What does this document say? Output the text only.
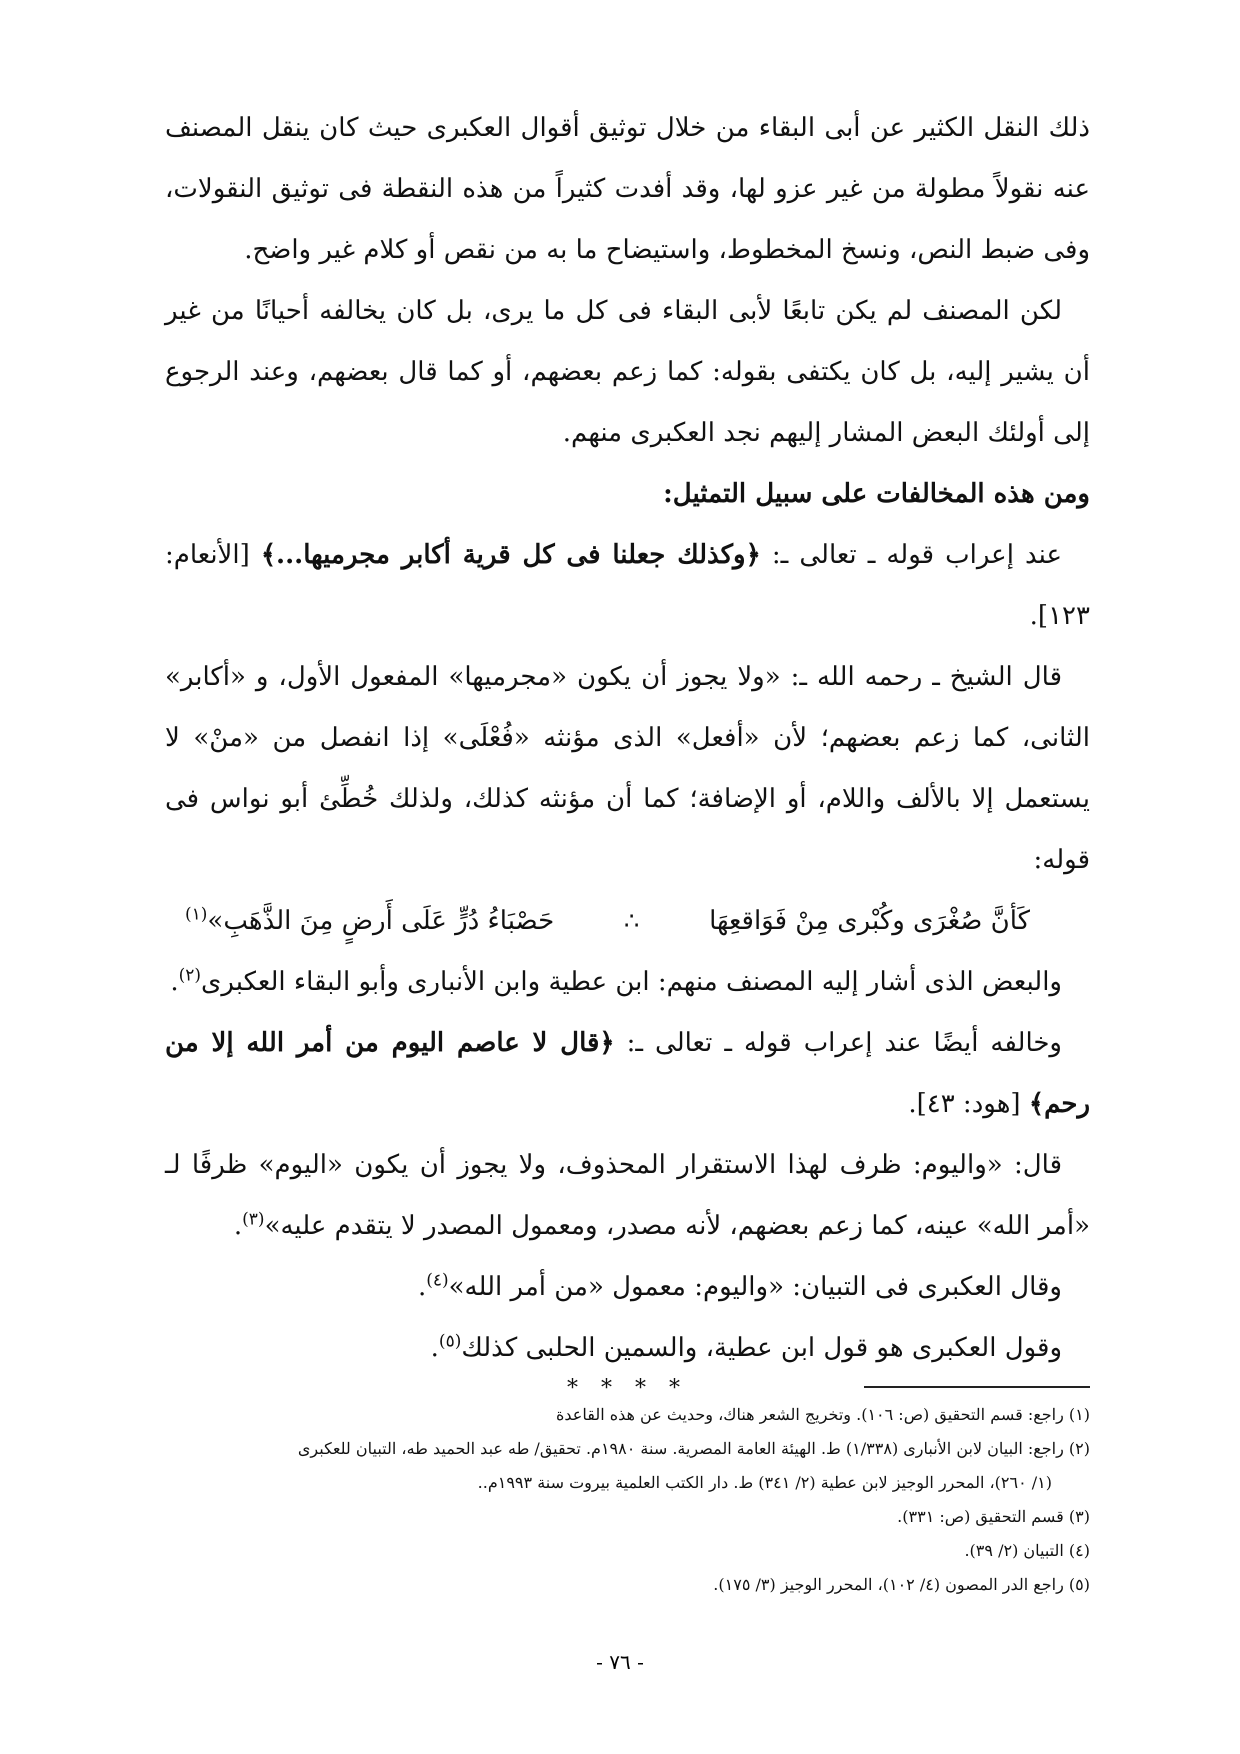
ذلك النقل الكثير عن أبى البقاء من خلال توثيق أقوال العكبرى حيث كان ينقل المصنف عنه نقولاً مطولة من غير عزو لها، وقد أفدت كثيراً من هذه النقطة فى توثيق النقولات، وفى ضبط النص، ونسخ المخطوط، واستيضاح ما به من نقص أو كلام غير واضح.

لكن المصنف لم يكن تابعًا لأبى البقاء فى كل ما يرى، بل كان يخالفه أحيانًا من غير أن يشير إليه، بل كان يكتفى بقوله: كما زعم بعضهم، أو كما قال بعضهم، وعند الرجوع إلى أولئك البعض المشار إليهم نجد العكبرى منهم.

ومن هذه المخالفات على سبيل التمثيل:

عند إعراب قوله ـ تعالى ـ: ﴿وكذلك جعلنا فى كل قرية أكابر مجرميها...﴾ [الأنعام: ١٢٣].

قال الشيخ ـ رحمه الله ـ: «ولا يجوز أن يكون «مجرميها» المفعول الأول، و «أكابر» الثانى، كما زعم بعضهم؛ لأن «أفعل» الذى مؤنثه «فُعْلَى» إذا انفصل من «منْ» لا يستعمل إلا بالألف واللام، أو الإضافة؛ كما أن مؤنثه كذلك، ولذلك خُطِّئ أبو نواس فى قوله:

كَأنَّ صُغْرَى وكُبْرى مِنْ فَوَاقعِهَا
∴
حَصْبَاءُ دُرٍّ عَلَى أَرضٍ مِنَ الذَّهَبِ»$^{(١)}$

والبعض الذى أشار إليه المصنف منهم: ابن عطية وابن الأنبارى وأبو البقاء العكبرى$^{(٢)}$.

وخالفه أيضًا عند إعراب قوله ـ تعالى ـ: ﴿قال لا عاصم اليوم من أمر الله إلا من رحم﴾ [هود: ٤٣].

قال: «واليوم: ظرف لهذا الاستقرار المحذوف، ولا يجوز أن يكون «اليوم» ظرفًا لـ «أمر الله» عينه، كما زعم بعضهم، لأنه مصدر، ومعمول المصدر لا يتقدم عليه»$^{(٣)}$.

وقال العكبرى فى التبيان: «واليوم: معمول «من أمر الله»$^{(٤)}$.

وقول العكبرى هو قول ابن عطية، والسمين الحلبى كذلك$^{(٥)}$.

* * * *

(١) راجع: قسم التحقيق (ص: ١٠٦). وتخريج الشعر هناك، وحديث عن هذه القاعدة

(٢) راجع: البيان لابن الأنبارى (١/٣٣٨) ط. الهيئة العامة المصرية. سنة ١٩٨٠م. تحقيق/ طه عبد الحميد طه، التبيان للعكبرى

(١/ ٢٦٠)، المحرر الوجيز لابن عطية (٢/ ٣٤١) ط. دار الكتب العلمية بيروت سنة ١٩٩٣م..

(٣) قسم التحقيق (ص: ٣٣١).

(٤) التبيان (٢/ ٣٩).

(٥) راجع الدر المصون (٤/ ١٠٢)، المحرر الوجيز (٣/ ١٧٥).

- ٧٦ -
